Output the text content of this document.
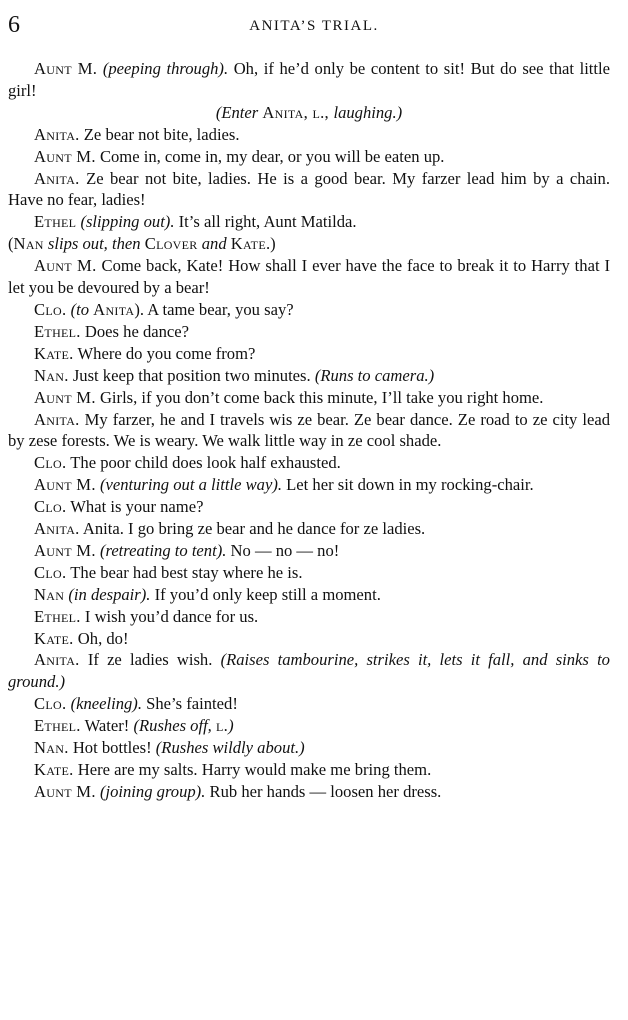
6	ANITA’S TRIAL.

Aunt M. (peeping through). Oh, if he’d only be content to sit! But do see that little girl!

(Enter Anita, l., laughing.)

Anita. Ze bear not bite, ladies.

Aunt M. Come in, come in, my dear, or you will be eaten up.

Anita. Ze bear not bite, ladies. He is a good bear. My farzer lead him by a chain. Have no fear, ladies!

Ethel (slipping out). It’s all right, Aunt Matilda.

(Nan slips out, then Clover and Kate.)

Aunt M. Come back, Kate! How shall I ever have the face to break it to Harry that I let you be devoured by a bear!

Clo. (to Anita). A tame bear, you say?

Ethel. Does he dance?

Kate. Where do you come from?

Nan. Just keep that position two minutes. (Runs to camera.)

Aunt M. Girls, if you don’t come back this minute, I’ll take you right home.

Anita. My farzer, he and I travels wis ze bear. Ze bear dance. Ze road to ze city lead by zese forests. We is weary. We walk little way in ze cool shade.

Clo. The poor child does look half exhausted.

Aunt M. (venturing out a little way). Let her sit down in my rocking-chair.

Clo. What is your name?

Anita. Anita. I go bring ze bear and he dance for ze ladies.

Aunt M. (retreating to tent). No — no — no!

Clo. The bear had best stay where he is.

Nan (in despair). If you’d only keep still a moment.

Ethel. I wish you’d dance for us.

Kate. Oh, do!

Anita. If ze ladies wish. (Raises tambourine, strikes it, lets it fall, and sinks to ground.)

Clo. (kneeling). She’s fainted!

Ethel. Water! (Rushes off, l.)

Nan. Hot bottles! (Rushes wildly about.)

Kate. Here are my salts. Harry would make me bring them.

Aunt M. (joining group). Rub her hands — loosen her dress.
